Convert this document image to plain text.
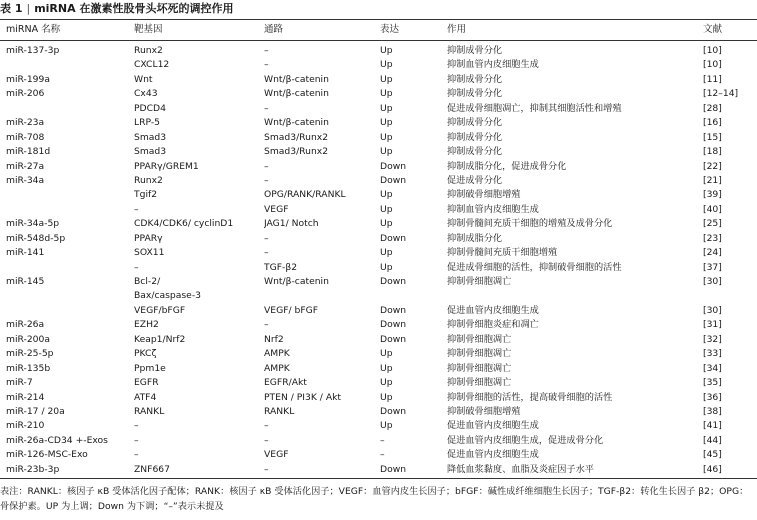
表 1 | miRNA 在激素性股骨头坏死的调控作用
miRNA 名称	靶基因	通路	表达	作用	文献
miR-137-3p	Runx2	–	Up	抑制成骨分化	[10]
	CXCL12	–	Up	抑制血管内皮细胞生成	[10]
miR-199a	Wnt	Wnt/β-catenin	Up	抑制成骨分化	[11]
miR-206	Cx43	Wnt/β-catenin	Up	抑制成骨分化	[12–14]
	PDCD4	–	Up	促进成骨细胞凋亡，抑制其细胞活性和增殖	[28]
miR-23a	LRP-5	Wnt/β-catenin	Up	抑制成骨分化	[16]
miR-708	Smad3	Smad3/Runx2	Up	抑制成骨分化	[15]
miR-181d	Smad3	Smad3/Runx2	Up	抑制成骨分化	[18]
miR-27a	PPARγ/GREM1	–	Down	抑制成脂分化，促进成骨分化	[22]
miR-34a	Runx2	–	Down	促进成骨分化	[21]
	Tgif2	OPG/RANK/RANKL	Up	抑制破骨细胞增殖	[39]
	–	VEGF	Up	抑制血管内皮细胞生成	[40]
miR-34a-5p	CDK4/CDK6/ cyclinD1	JAG1/ Notch	Up	抑制骨髓间充质干细胞的增殖及成骨分化	[25]
miR-548d-5p	PPARγ	–	Down	抑制成脂分化	[23]
miR-141	SOX11	–	Up	抑制骨髓间充质干细胞增殖	[24]
	–	TGF-β2	Up	促进成骨细胞的活性，抑制破骨细胞的活性	[37]
miR-145	Bcl-2/	Wnt/β-catenin	Down	抑制骨细胞凋亡	[30]
	Bax/caspase-3				
	VEGF/bFGF	VEGF/ bFGF	Down	促进血管内皮细胞生成	[30]
miR-26a	EZH2	–	Down	抑制骨细胞炎症和凋亡	[31]
miR-200a	Keap1/Nrf2	Nrf2	Down	抑制骨细胞凋亡	[32]
miR-25-5p	PKCζ	AMPK	Up	抑制骨细胞凋亡	[33]
miR-135b	Ppm1e	AMPK	Up	抑制骨细胞凋亡	[34]
miR-7	EGFR	EGFR/Akt	Up	抑制骨细胞凋亡	[35]
miR-214	ATF4	PTEN / PI3K / Akt	Up	抑制骨细胞的活性，提高破骨细胞的活性	[36]
miR-17 / 20a	RANKL	RANKL	Down	抑制破骨细胞增殖	[38]
miR-210	–	–	Up	促进血管内皮细胞生成	[41]
miR-26a-CD34 +-Exos	–	–	–	促进血管内皮细胞生成，促进成骨分化	[44]
miR-126-MSC-Exo	–	VEGF	–	促进血管内皮细胞生成	[45]
miR-23b-3p	ZNF667	–	Down	降低血浆黏度、血脂及炎症因子水平	[46]
表注：RANKL：核因子 κB 受体活化因子配体；RANK：核因子 κB 受体活化因子；VEGF：血管内皮生长因子；bFGF：碱性成纤维细胞生长因子；TGF-β2：转化生长因子 β2；OPG：骨保护素。UP 为上调；Down 为下调；“–”表示未提及
